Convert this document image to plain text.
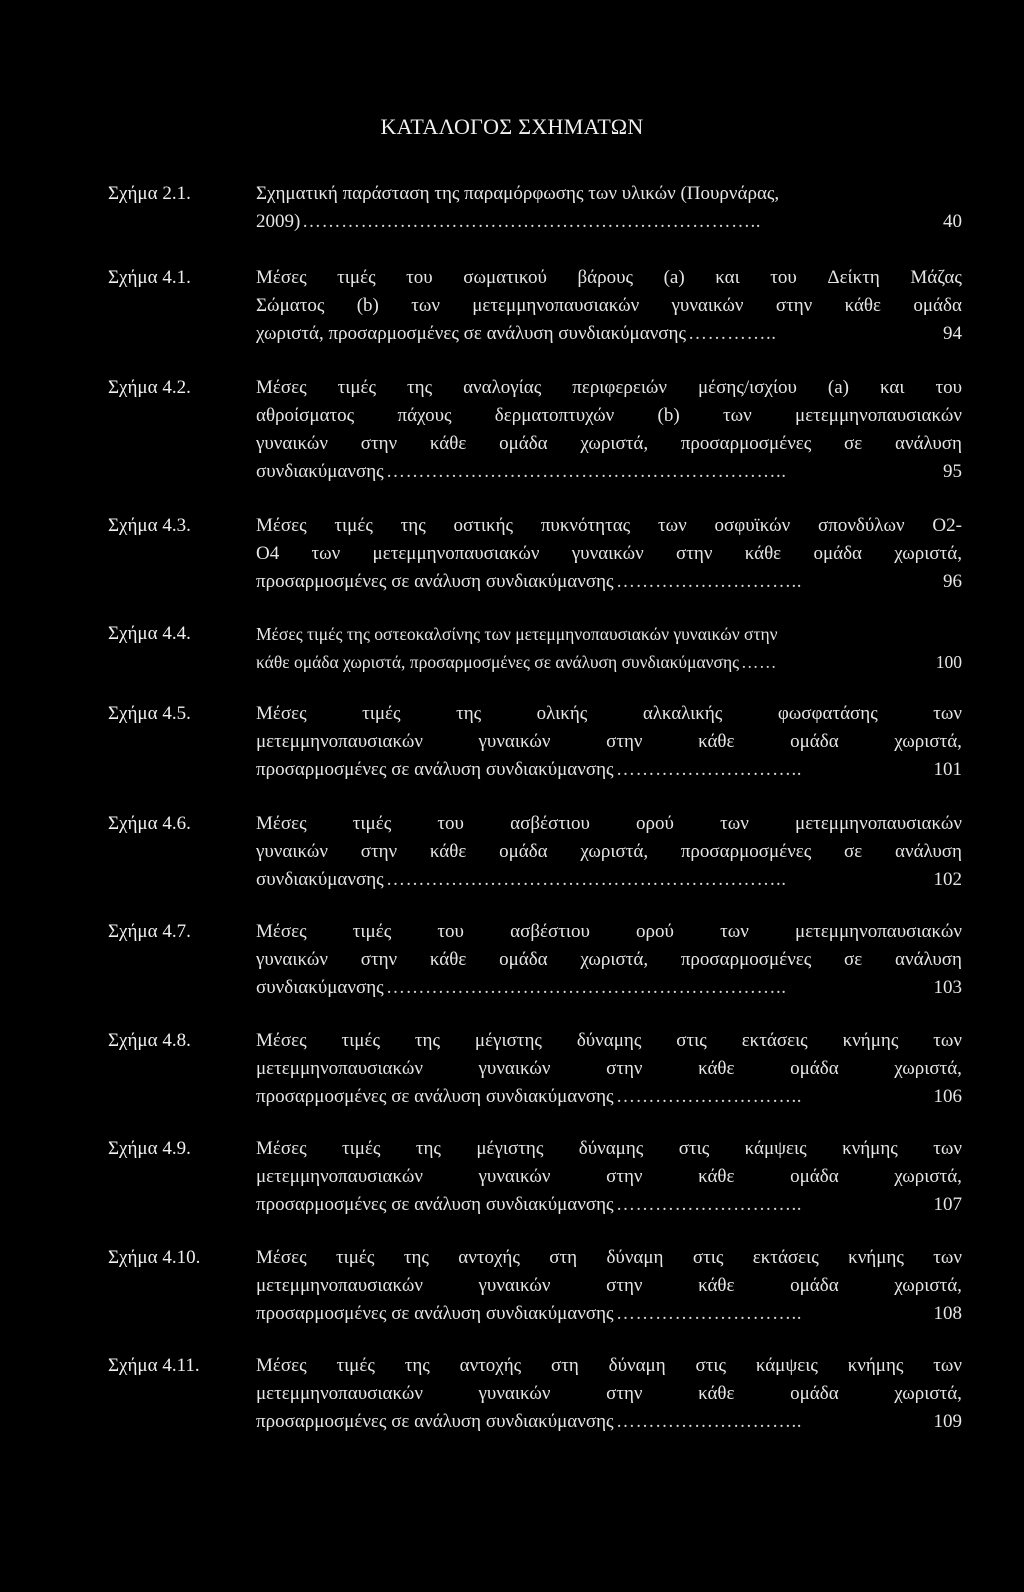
ΚΑΤΑΛΟΓΟΣ ΣΧΗΜΑΤΩΝ
Σχήμα 2.1.	Σχηματική παράσταση της παραμόρφωσης των υλικών (Πουρνάρας,
2009) ……………………………………………………………..	40
Σχήμα 4.1.	Μέσες τιμές του σωματικού βάρους (a) και του Δείκτη Μάζας
Σώματος (b) των μετεμμηνοπαυσιακών γυναικών στην κάθε ομάδα
χωριστά, προσαρμοσμένες σε ανάλυση συνδιακύμανσης …………..	94
Σχήμα 4.2.	Μέσες τιμές της αναλογίας περιφερειών μέσης/ισχίου (a) και του
αθροίσματος πάχους δερματοπτυχών (b) των μετεμμηνοπαυσιακών
γυναικών στην κάθε ομάδα χωριστά, προσαρμοσμένες σε ανάλυση
συνδιακύμανσης ……………………………………………………..	95
Σχήμα 4.3.	Μέσες τιμές της οστικής πυκνότητας των οσφυϊκών σπονδύλων Ο2-
Ο4 των μετεμμηνοπαυσιακών γυναικών στην κάθε ομάδα χωριστά,
προσαρμοσμένες σε ανάλυση συνδιακύμανσης ………………………..	96
Σχήμα 4.4.	Μέσες τιμές της οστεοκαλσίνης των μετεμμηνοπαυσιακών γυναικών στην
κάθε ομάδα χωριστά, προσαρμοσμένες σε ανάλυση συνδιακύμανσης ……	100
Σχήμα 4.5.	Μέσες	τιμές	της	ολικής	αλκαλικής	φωσφατάσης	των
μετεμμηνοπαυσιακών	γυναικών	στην	κάθε	ομάδα	χωριστά,
προσαρμοσμένες σε ανάλυση συνδιακύμανσης ………………………..	101
Σχήμα 4.6.	Μέσες τιμές του ασβέστιου ορού των μετεμμηνοπαυσιακών
γυναικών στην κάθε ομάδα χωριστά, προσαρμοσμένες σε ανάλυση
συνδιακύμανσης ……………………………………………………..	102
Σχήμα 4.7.	Μέσες τιμές του ασβέστιου ορού των μετεμμηνοπαυσιακών
γυναικών στην κάθε ομάδα χωριστά, προσαρμοσμένες σε ανάλυση
συνδιακύμανσης ……………………………………………………..	103
Σχήμα 4.8.	Μέσες τιμές της μέγιστης δύναμης στις εκτάσεις κνήμης των
μετεμμηνοπαυσιακών	γυναικών	στην	κάθε	ομάδα	χωριστά,
προσαρμοσμένες σε ανάλυση συνδιακύμανσης ………………………..	106
Σχήμα 4.9.	Μέσες τιμές της μέγιστης δύναμης στις κάμψεις κνήμης των
μετεμμηνοπαυσιακών	γυναικών	στην	κάθε	ομάδα	χωριστά,
προσαρμοσμένες σε ανάλυση συνδιακύμανσης ………………………..	107
Σχήμα 4.10.	Μέσες τιμές της αντοχής στη δύναμη στις εκτάσεις κνήμης των
μετεμμηνοπαυσιακών	γυναικών	στην	κάθε	ομάδα	χωριστά,
προσαρμοσμένες σε ανάλυση συνδιακύμανσης ………………………..	108
Σχήμα 4.11.	Μέσες τιμές της αντοχής στη δύναμη στις κάμψεις κνήμης των
μετεμμηνοπαυσιακών	γυναικών	στην	κάθε	ομάδα	χωριστά,
προσαρμοσμένες σε ανάλυση συνδιακύμανσης ………………………..	109
